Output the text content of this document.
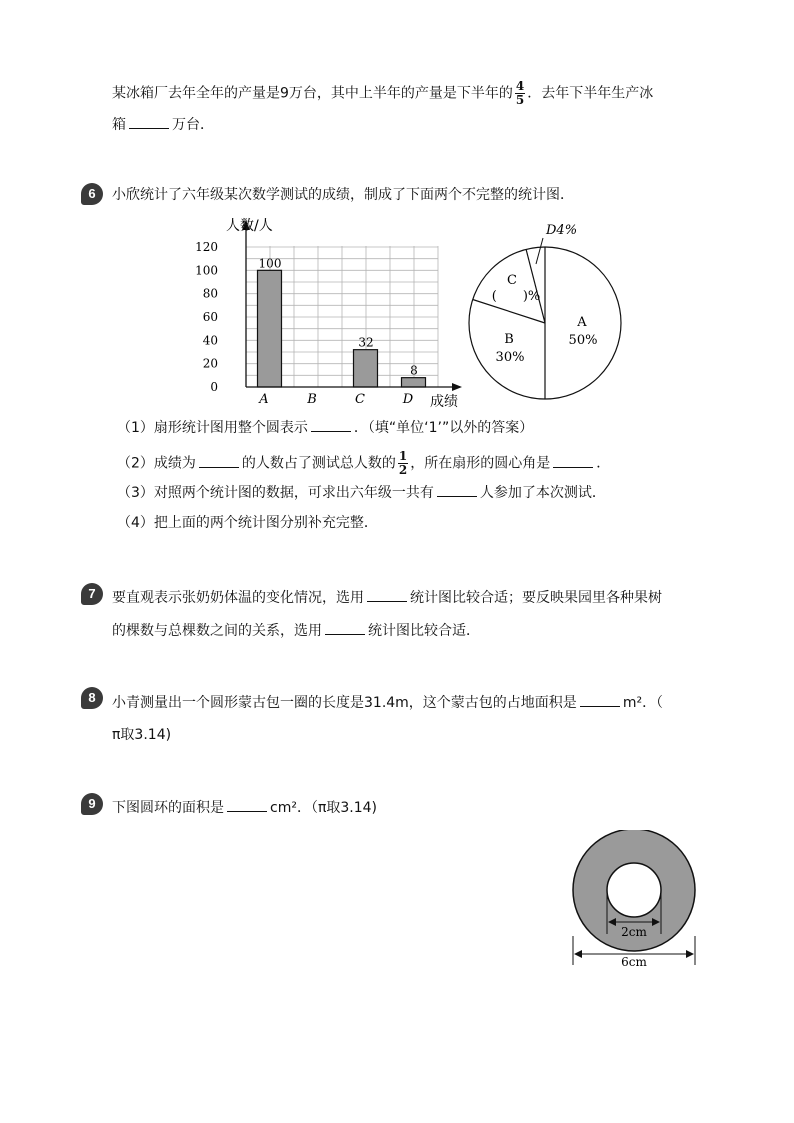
某冰箱厂去年全年的产量是9万台，其中上半年的产量是下半年的 $\frac{4}{5}$ ．去年下半年生产冰
箱	万台．
6	小欣统计了六年级某次数学测试的成绩，制成了下面两个不完整的统计图．
100
32
8
0
20
40
60
80
100
120
A	B	C	D
人数/人
成绩
A
50%
B
30%
C
(　　)%
D4%
（1）扇形统计图用整个圆表示	．（填“单位‘1’”以外的答案）
（2）成绩为	的人数占了测试总人数的 $\frac{1}{2}$ ，所在扇形的圆心角是	．
（3）对照两个统计图的数据，可求出六年级一共有	人参加了本次测试．
（4）把上面的两个统计图分别补充完整．
7	要直观表示张奶奶体温的变化情况，选用	统计图比较合适；要反映果园里各种果树
的棵数与总棵数之间的关系，选用	统计图比较合适．
8	小青测量出一个圆形蒙古包一圈的长度是31.4m，这个蒙古包的占地面积是	m²．（
π取3.14)
9	下图圆环的面积是	cm²．（π取3.14)
2cm
6cm
